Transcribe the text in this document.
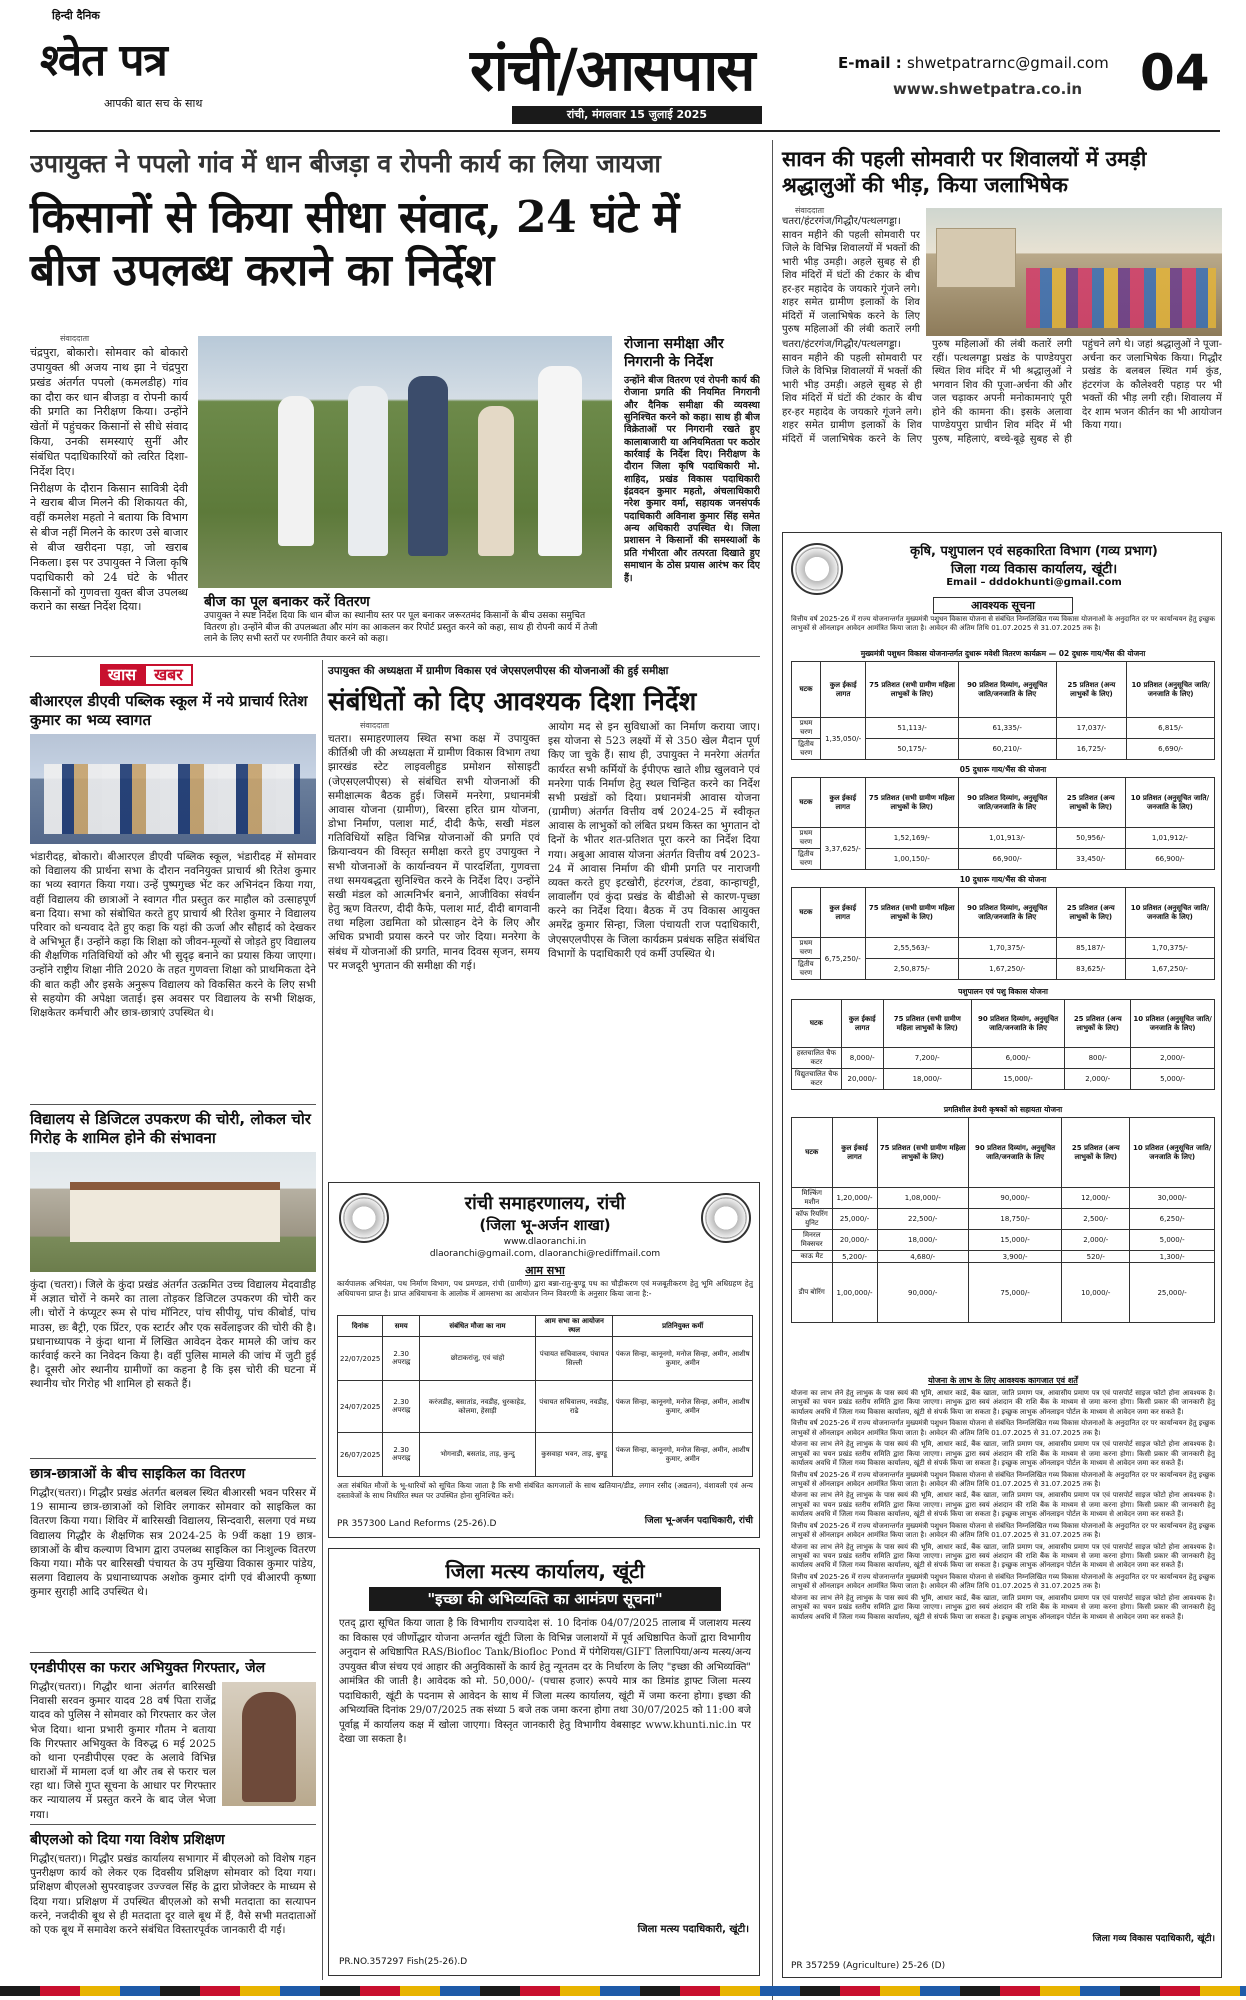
हिन्दी दैनिक
श्वेत पत्र
आपकी बात सच के साथ	रांची/आसपास
रांची, मंगलवार 15 जुलाई 2025
E-mail : shwetpatrarnc@gmail.com
www.shwetpatra.co.in 04
उपायुक्त ने पपलो गांव में धान बीजड़ा व रोपनी कार्य का लिया जायजा
किसानों से किया सीधा संवाद, 24 घंटे में बीज उपलब्ध कराने का निर्देश
संवाददाता

चंद्रपुरा, बोकारो। सोमवार को बोकारो उपायुक्त श्री अजय नाथ झा ने चंद्रपुरा प्रखंड अंतर्गत पपलो (कमलडीह) गांव का दौरा कर धान बीजड़ा व रोपनी कार्य की प्रगति का निरीक्षण किया। उन्होंने खेतों में पहुंचकर किसानों से सीधे संवाद किया, उनकी समस्याएं सुनीं और संबंधित पदाधिकारियों को त्वरित दिशा-निर्देश दिए।

निरीक्षण के दौरान किसान सावित्री देवी ने खराब बीज मिलने की शिकायत की, वहीं कमलेश महतो ने बताया कि विभाग से बीज नहीं मिलने के कारण उसे बाजार से बीज खरीदना पड़ा, जो खराब निकला। इस पर उपायुक्त ने जिला कृषि पदाधिकारी को 24 घंटे के भीतर किसानों को गुणवत्ता युक्त बीज उपलब्ध कराने का सख्त निर्देश दिया।	बीज का पूल बनाकर करें वितरण
उपायुक्त ने स्पष्ट निर्देश दिया कि धान बीज का स्थानीय स्तर पर पूल बनाकर जरूरतमंद किसानों के बीच उसका समुचित वितरण हो। उन्होंने बीज की उपलब्धता और मांग का आकलन कर रिपोर्ट प्रस्तुत करने को कहा, साथ ही रोपनी कार्य में तेजी लाने के लिए सभी स्तरों पर रणनीति तैयार करने को कहा।
रोजाना समीक्षा और निगरानी के निर्देश
उन्होंने बीज वितरण एवं रोपनी कार्य की रोजाना प्रगति की नियमित निगरानी और दैनिक समीक्षा की व्यवस्था सुनिश्चित करने को कहा। साथ ही बीज विक्रेताओं पर निगरानी रखते हुए कालाबाजारी या अनियमितता पर कठोर कार्रवाई के निर्देश दिए। निरीक्षण के दौरान जिला कृषि पदाधिकारी मो. शाहिद, प्रखंड विकास पदाधिकारी इंद्रवदन कुमार महतो, अंचलाधिकारी नरेश कुमार वर्मा, सहायक जनसंपर्क पदाधिकारी अविनाश कुमार सिंह समेत अन्य अधिकारी उपस्थित थे। जिला प्रशासन ने किसानों की समस्याओं के प्रति गंभीरता और तत्परता दिखाते हुए समाधान के ठोस प्रयास आरंभ कर दिए हैं।
सावन की पहली सोमवारी पर शिवालयों में उमड़ी श्रद्धालुओं की भीड़, किया जलाभिषेक
संवाददाता
चतरा/हंटरगंज/गिद्धौर/पत्थलगड्डा। सावन महीने की पहली सोमवारी पर जिले के विभिन्न शिवालयों में भक्तों की भारी भीड़ उमड़ी। अहले सुबह से ही शिव मंदिरों में घंटों की टंकार के बीच हर-हर महादेव के जयकारे गूंजने लगे। शहर समेत ग्रामीण इलाकों के शिव मंदिरों में जलाभिषेक करने के लिए पुरुष महिलाओं की लंबी कतारें लगी
चतरा/हंटरगंज/गिद्धौर/पत्थलगड्डा। सावन महीने की पहली सोमवारी पर जिले के विभिन्न शिवालयों में भक्तों की भारी भीड़ उमड़ी। अहले सुबह से ही शिव मंदिरों में घंटों की टंकार के बीच हर-हर महादेव के जयकारे गूंजने लगे। शहर समेत ग्रामीण इलाकों के शिव मंदिरों में जलाभिषेक करने के लिए पुरुष महिलाओं की लंबी कतारें लगी रहीं। पत्थलगड्डा प्रखंड के पाण्डेयपुरा स्थित शिव मंदिर में भी श्रद्धालुओं ने भगवान शिव की पूजा-अर्चना की और जल चढ़ाकर अपनी मनोकामनाएं पूरी होने की कामना की। इसके अलावा पाण्डेयपुरा प्राचीन शिव मंदिर में भी पुरुष, महिलाएं, बच्चे-बूढ़े सुबह से ही पहुंचने लगे थे। जहां श्रद्धालुओं ने पूजा-अर्चना कर जलाभिषेक किया। गिद्धौर प्रखंड के बलबल स्थित गर्म कुंड, हंटरगंज के कौलेश्वरी पहाड़ पर भी भक्तों की भीड़ लगी रही। शिवालय में देर शाम भजन कीर्तन का भी आयोजन किया गया।
कृषि, पशुपालन एवं सहकारिता विभाग (गव्य प्रभाग)
जिला गव्य विकास कार्यालय, खूंटी।
Email – dddokhunti@gmail.com
आवश्यक सूचना
वित्तीय वर्ष 2025-26 में राज्य योजनान्तर्गत मुख्यमंत्री पशुधन विकास योजना से संबंधित निम्नलिखित गव्य विकास योजनाओं के अनुदानित दर पर कार्यान्वयन हेतु इच्छुक लाभुकों से ऑनलाइन आवेदन आमंत्रित किया जाता है। आवेदन की अंतिम तिथि 01.07.2025 से 31.07.2025 तक है।
मुख्यमंत्री पशुधन विकास योजनान्तर्गत दुधारू मवेशी वितरण कार्यक्रम — 02 दुधारू गाय/भैंस की योजना
घटक	कुल ईकाई लागत	75 प्रतिशत (सभी ग्रामीण महिला लाभुकों के लिए)	90 प्रतिशत दिव्यांग, अनुसूचित जाति/जनजाति के लिए	25 प्रतिशत (अन्य लाभुकों के लिए)	10 प्रतिशत (अनुसूचित जाति/जनजाति के लिए)
प्रथम चरण	1,35,050/-	51,113/-	61,335/-	17,037/-	6,815/-
द्वितीय चरण		50,175/-	60,210/-	16,725/-	6,690/-
05 दुधारू गाय/भैंस की योजना
घटक	कुल ईकाई लागत	75 प्रतिशत (सभी ग्रामीण महिला लाभुकों के लिए)	90 प्रतिशत दिव्यांग, अनुसूचित जाति/जनजाति के लिए	25 प्रतिशत (अन्य लाभुकों के लिए)	10 प्रतिशत (अनुसूचित जाति/जनजाति के लिए)
प्रथम चरण	3,37,625/-	1,52,169/-	1,01,913/-	50,956/-	1,01,912/-
द्वितीय चरण		1,00,150/-	66,900/-	33,450/-	66,900/-
10 दुधारू गाय/भैंस की योजना
घटक	कुल ईकाई लागत	75 प्रतिशत (सभी ग्रामीण महिला लाभुकों के लिए)	90 प्रतिशत दिव्यांग, अनुसूचित जाति/जनजाति के लिए	25 प्रतिशत (अन्य लाभुकों के लिए)	10 प्रतिशत (अनुसूचित जाति/जनजाति के लिए)
प्रथम चरण	6,75,250/-	2,55,563/-	1,70,375/-	85,187/-	1,70,375/-
द्वितीय चरण		2,50,875/-	1,67,250/-	83,625/-	1,67,250/-
पशुपालन एवं पशु विकास योजना
घटक	कुल ईकाई लागत	75 प्रतिशत (सभी ग्रामीण महिला लाभुकों के लिए)	90 प्रतिशत दिव्यांग, अनुसूचित जाति/जनजाति के लिए	25 प्रतिशत (अन्य लाभुकों के लिए)	10 प्रतिशत (अनुसूचित जाति/जनजाति के लिए)
हस्तचालित चैफ कटर	8,000/-	7,200/-	6,000/-	800/-	2,000/-
विद्युतचालित चैफ कटर	20,000/-	18,000/-	15,000/-	2,000/-	5,000/-
प्रगतिशील डेयरी कृषकों को सहायता योजना
घटक	कुल ईकाई लागत	75 प्रतिशत (सभी ग्रामीण महिला लाभुकों के लिए)	90 प्रतिशत दिव्यांग, अनुसूचित जाति/जनजाति के लिए	25 प्रतिशत (अन्य लाभुकों के लिए)	10 प्रतिशत (अनुसूचित जाति/जनजाति के लिए)
मिल्किंग मशीन	1,20,000/-	1,08,000/-	90,000/-	12,000/-	30,000/-
कॉफ रियरिंग युनिट	25,000/-	22,500/-	18,750/-	2,500/-	6,250/-
मिनरल मिक्सचर	20,000/-	18,000/-	15,000/-	2,000/-	5,000/-
काऊ मैट	5,200/-	4,680/-	3,900/-	520/-	1,300/-
डीप बोरिंग	1,00,000/-	90,000/-	75,000/-	10,000/-	25,000/-
योजना के लाभ के लिए आवश्यक कागजात एवं शर्तें

योजना का लाभ लेने हेतु लाभुक के पास स्वयं की भूमि, आधार कार्ड, बैंक खाता, जाति प्रमाण पत्र, आवासीय प्रमाण पत्र एवं पासपोर्ट साइज फोटो होना आवश्यक है। लाभुकों का चयन प्रखंड स्तरीय समिति द्वारा किया जाएगा। लाभुक द्वारा स्वयं अंशदान की राशि बैंक के माध्यम से जमा करना होगा। किसी प्रकार की जानकारी हेतु कार्यालय अवधि में जिला गव्य विकास कार्यालय, खूंटी से संपर्क किया जा सकता है। इच्छुक लाभुक ऑनलाइन पोर्टल के माध्यम से आवेदन जमा कर सकते हैं।

वित्तीय वर्ष 2025-26 में राज्य योजनान्तर्गत मुख्यमंत्री पशुधन विकास योजना से संबंधित निम्नलिखित गव्य विकास योजनाओं के अनुदानित दर पर कार्यान्वयन हेतु इच्छुक लाभुकों से ऑनलाइन आवेदन आमंत्रित किया जाता है। आवेदन की अंतिम तिथि 01.07.2025 से 31.07.2025 तक है।

योजना का लाभ लेने हेतु लाभुक के पास स्वयं की भूमि, आधार कार्ड, बैंक खाता, जाति प्रमाण पत्र, आवासीय प्रमाण पत्र एवं पासपोर्ट साइज फोटो होना आवश्यक है। लाभुकों का चयन प्रखंड स्तरीय समिति द्वारा किया जाएगा। लाभुक द्वारा स्वयं अंशदान की राशि बैंक के माध्यम से जमा करना होगा। किसी प्रकार की जानकारी हेतु कार्यालय अवधि में जिला गव्य विकास कार्यालय, खूंटी से संपर्क किया जा सकता है। इच्छुक लाभुक ऑनलाइन पोर्टल के माध्यम से आवेदन जमा कर सकते हैं।

वित्तीय वर्ष 2025-26 में राज्य योजनान्तर्गत मुख्यमंत्री पशुधन विकास योजना से संबंधित निम्नलिखित गव्य विकास योजनाओं के अनुदानित दर पर कार्यान्वयन हेतु इच्छुक लाभुकों से ऑनलाइन आवेदन आमंत्रित किया जाता है। आवेदन की अंतिम तिथि 01.07.2025 से 31.07.2025 तक है।

योजना का लाभ लेने हेतु लाभुक के पास स्वयं की भूमि, आधार कार्ड, बैंक खाता, जाति प्रमाण पत्र, आवासीय प्रमाण पत्र एवं पासपोर्ट साइज फोटो होना आवश्यक है। लाभुकों का चयन प्रखंड स्तरीय समिति द्वारा किया जाएगा। लाभुक द्वारा स्वयं अंशदान की राशि बैंक के माध्यम से जमा करना होगा। किसी प्रकार की जानकारी हेतु कार्यालय अवधि में जिला गव्य विकास कार्यालय, खूंटी से संपर्क किया जा सकता है। इच्छुक लाभुक ऑनलाइन पोर्टल के माध्यम से आवेदन जमा कर सकते हैं।

वित्तीय वर्ष 2025-26 में राज्य योजनान्तर्गत मुख्यमंत्री पशुधन विकास योजना से संबंधित निम्नलिखित गव्य विकास योजनाओं के अनुदानित दर पर कार्यान्वयन हेतु इच्छुक लाभुकों से ऑनलाइन आवेदन आमंत्रित किया जाता है। आवेदन की अंतिम तिथि 01.07.2025 से 31.07.2025 तक है।

योजना का लाभ लेने हेतु लाभुक के पास स्वयं की भूमि, आधार कार्ड, बैंक खाता, जाति प्रमाण पत्र, आवासीय प्रमाण पत्र एवं पासपोर्ट साइज फोटो होना आवश्यक है। लाभुकों का चयन प्रखंड स्तरीय समिति द्वारा किया जाएगा। लाभुक द्वारा स्वयं अंशदान की राशि बैंक के माध्यम से जमा करना होगा। किसी प्रकार की जानकारी हेतु कार्यालय अवधि में जिला गव्य विकास कार्यालय, खूंटी से संपर्क किया जा सकता है। इच्छुक लाभुक ऑनलाइन पोर्टल के माध्यम से आवेदन जमा कर सकते हैं।

वित्तीय वर्ष 2025-26 में राज्य योजनान्तर्गत मुख्यमंत्री पशुधन विकास योजना से संबंधित निम्नलिखित गव्य विकास योजनाओं के अनुदानित दर पर कार्यान्वयन हेतु इच्छुक लाभुकों से ऑनलाइन आवेदन आमंत्रित किया जाता है। आवेदन की अंतिम तिथि 01.07.2025 से 31.07.2025 तक है।

योजना का लाभ लेने हेतु लाभुक के पास स्वयं की भूमि, आधार कार्ड, बैंक खाता, जाति प्रमाण पत्र, आवासीय प्रमाण पत्र एवं पासपोर्ट साइज फोटो होना आवश्यक है। लाभुकों का चयन प्रखंड स्तरीय समिति द्वारा किया जाएगा। लाभुक द्वारा स्वयं अंशदान की राशि बैंक के माध्यम से जमा करना होगा। किसी प्रकार की जानकारी हेतु कार्यालय अवधि में जिला गव्य विकास कार्यालय, खूंटी से संपर्क किया जा सकता है। इच्छुक लाभुक ऑनलाइन पोर्टल के माध्यम से आवेदन जमा कर सकते हैं।

जिला गव्य विकास पदाधिकारी, खूंटी।
PR 357259 (Agriculture) 25-26 (D)
खास	खबर
बीआरएल डीएवी पब्लिक स्कूल में नये प्राचार्य रितेश कुमार का भव्य स्वागत
भंडारीदह, बोकारो। बीआरएल डीएवी पब्लिक स्कूल, भंडारीदह में सोमवार को विद्यालय की प्रार्थना सभा के दौरान नवनियुक्त प्राचार्य श्री रितेश कुमार का भव्य स्वागत किया गया। उन्हें पुष्पगुच्छ भेंट कर अभिनंदन किया गया, वहीं विद्यालय की छात्राओं ने स्वागत गीत प्रस्तुत कर माहौल को उत्साहपूर्ण बना दिया। सभा को संबोधित करते हुए प्राचार्य श्री रितेश कुमार ने विद्यालय परिवार को धन्यवाद देते हुए कहा कि यहां की ऊर्जा और सौहार्द को देखकर वे अभिभूत हैं। उन्होंने कहा कि शिक्षा को जीवन-मूल्यों से जोड़ते हुए विद्यालय की शैक्षणिक गतिविधियों को और भी सुदृढ़ बनाने का प्रयास किया जाएगा। उन्होंने राष्ट्रीय शिक्षा नीति 2020 के तहत गुणवत्ता शिक्षा को प्राथमिकता देने की बात कही और इसके अनुरूप विद्यालय को विकसित करने के लिए सभी से सहयोग की अपेक्षा जताई। इस अवसर पर विद्यालय के सभी शिक्षक, शिक्षकेतर कर्मचारी और छात्र-छात्राएं उपस्थित थे।
विद्यालय से डिजिटल उपकरण की चोरी, लोकल चोर गिरोह के शामिल होने की संभावना
कुंदा (चतरा)। जिले के कुंदा प्रखंड अंतर्गत उत्क्रमित उच्च विद्यालय मेदवाडीह में अज्ञात चोरों ने कमरे का ताला तोड़कर डिजिटल उपकरण की चोरी कर ली। चोरों ने कंप्यूटर रूम से पांच मॉनिटर, पांच सीपीयू, पांच कीबोर्ड, पांच माउस, छः बैट्री, एक प्रिंटर, एक स्टार्टर और एक सर्वेलाइजर की चोरी की है। प्रधानाध्यापक ने कुंदा थाना में लिखित आवेदन देकर मामले की जांच कर कार्रवाई करने का निवेदन किया है। वहीं पुलिस मामले की जांच में जुटी हुई है। दूसरी ओर स्थानीय ग्रामीणों का कहना है कि इस चोरी की घटना में स्थानीय चोर गिरोह भी शामिल हो सकते हैं।
छात्र-छात्राओं के बीच साइकिल का वितरण
गिद्धौर(चतरा)। गिद्धौर प्रखंड अंतर्गत बलबल स्थित बीआरसी भवन परिसर में 19 सामान्य छात्र-छात्राओं को शिविर लगाकर सोमवार को साइकिल का वितरण किया गया। शिविर में बारिसखी विद्यालय, सिन्दवारी, सलगा एवं मध्य विद्यालय गिद्धौर के शैक्षणिक सत्र 2024-25 के 9वीं कक्षा 19 छात्र-छात्राओं के बीच कल्याण विभाग द्वारा उपलब्ध साइकिल का निःशुल्क वितरण किया गया। मौके पर बारिसखी पंचायत के उप मुखिया विकास कुमार पांडेय, सलगा विद्यालय के प्रधानाध्यापक अशोक कुमार दांगी एवं बीआरपी कृष्णा कुमार सुराही आदि उपस्थित थे।
एनडीपीएस का फरार अभियुक्त गिरफ्तार, जेल
गिद्धौर(चतरा)। गिद्धौर थाना अंतर्गत बारिसखी निवासी सरवन कुमार यादव 28 वर्ष पिता राजेंद्र यादव को पुलिस ने सोमवार को गिरफ्तार कर जेल भेज दिया। थाना प्रभारी कुमार गौतम ने बताया कि गिरफ्तार अभियुक्त के विरुद्ध 6 मई 2025 को थाना एनडीपीएस एक्ट के अलावे विभिन्न धाराओं में मामला दर्ज था और तब से फरार चल रहा था। जिसे गुप्त सूचना के आधार पर गिरफ्तार कर न्यायालय में प्रस्तुत करने के बाद जेल भेजा गया।
बीएलओ को दिया गया विशेष प्रशिक्षण
गिद्धौर(चतरा)। गिद्धौर प्रखंड कार्यालय सभागार में बीएलओ को विशेष गहन पुनरीक्षण कार्य को लेकर एक दिवसीय प्रशिक्षण सोमवार को दिया गया। प्रशिक्षण बीएलओ सुपरवाइजर उज्ज्वल सिंह के द्वारा प्रोजेक्टर के माध्यम से दिया गया। प्रशिक्षण में उपस्थित बीएलओ को सभी मतदाता का सत्यापन करने, नजदीकी बूथ से ही मतदाता दूर वाले बूथ में हैं, वैसे सभी मतदाताओं को एक बूथ में समावेश करने संबंधित विस्तारपूर्वक जानकारी दी गई।
उपायुक्त की अध्यक्षता में ग्रामीण विकास एवं जेएसएलपीएस की योजनाओं की हुई समीक्षा
संबंधितों को दिए आवश्यक दिशा निर्देश
संवाददाता
चतरा। समाहरणालय स्थित सभा कक्ष में उपायुक्त कीर्तिश्री जी की अध्यक्षता में ग्रामीण विकास विभाग तथा झारखंड स्टेट लाइवलीहुड प्रमोशन सोसाइटी (जेएसएलपीएस) से संबंधित सभी योजनाओं की समीक्षात्मक बैठक हुई। जिसमें मनरेगा, प्रधानमंत्री आवास योजना (ग्रामीण), बिरसा हरित ग्राम योजना, डोभा निर्माण, पलाश मार्ट, दीदी कैफे, सखी मंडल गतिविधियों सहित विभिन्न योजनाओं की प्रगति एवं क्रियान्वयन की विस्तृत समीक्षा करते हुए उपायुक्त ने सभी योजनाओं के कार्यान्वयन में पारदर्शिता, गुणवत्ता तथा समयबद्धता सुनिश्चित करने के निर्देश दिए। उन्होंने सखी मंडल को आत्मनिर्भर बनाने, आजीविका संवर्धन हेतु ऋण वितरण, दीदी कैफे, पलाश मार्ट, दीदी बागवानी तथा महिला उद्यमिता को प्रोत्साहन देने के लिए और अधिक प्रभावी प्रयास करने पर जोर दिया। मनरेगा के संबंध में योजनाओं की प्रगति, मानव दिवस सृजन, समय पर मजदूरी भुगतान की समीक्षा की गई।
आयोग मद से इन सुविधाओं का निर्माण कराया जाए। इस योजना से 523 लक्ष्यों में से 350 खेल मैदान पूर्ण किए जा चुके हैं। साथ ही, उपायुक्त ने मनरेगा अंतर्गत कार्यरत सभी कर्मियों के ईपीएफ खाते शीघ्र खुलवाने एवं मनरेगा पार्क निर्माण हेतु स्थल चिन्हित करने का निर्देश सभी प्रखंडों को दिया। प्रधानमंत्री आवास योजना (ग्रामीण) अंतर्गत वित्तीय वर्ष 2024-25 में स्वीकृत आवास के लाभुकों को लंबित प्रथम किस्त का भुगतान दो दिनों के भीतर शत-प्रतिशत पूरा करने का निर्देश दिया गया। अबुआ आवास योजना अंतर्गत वित्तीय वर्ष 2023-24 में आवास निर्माण की धीमी प्रगति पर नाराजगी व्यक्त करते हुए इटखोरी, हंटरगंज, टंडवा, कान्हाचट्टी, लावालौंग एवं कुंदा प्रखंड के बीडीओ से कारण-पृच्छा करने का निर्देश दिया। बैठक में उप विकास आयुक्त अमरेंद्र कुमार सिन्हा, जिला पंचायती राज पदाधिकारी, जेएसएलपीएस के जिला कार्यक्रम प्रबंधक सहित संबंधित विभागों के पदाधिकारी एवं कर्मी उपस्थित थे।
रांची समाहरणालय, रांची
(जिला भू-अर्जन शाखा)
www.dlaoranchi.in
dlaoranchi@gmail.com, dlaoranchi@rediffmail.com
आम सभा
कार्यपालक अभियंता, पथ निर्माण विभाग, पथ प्रमण्डल, रांची (ग्रामीण) द्वारा बन्ना-रातु-बुण्डू पथ का चौड़ीकरण एवं मजबूतीकरण हेतु भूमि अधिग्रहण हेतु अधियाचना प्राप्त है। प्राप्त अधियाचना के आलोक में आमसभा का आयोजन निम्न विवरणी के अनुसार किया जाना है:-
दिनांक	समय	संबंधित मौजा का नाम	आम सभा का आयोजन स्थल	प्रतिनियुक्त कर्मी
22/07/2025	2.30 अपराह्न	छोटाकरांजु, एवं चांहो	पंचायत सचिवालय, पंचायत सिल्ली	पंकज सिन्हा, कानूनगो, मनोज सिन्हा, अमीन, आशीष कुमार, अमीन
24/07/2025	2.30 अपराह्न	करंजडीह, बसातांड, नवडीह, धुरकाहेड, कोलमा, हेसाड़ी	पंचायत सचिवालय, नवडीह, राढे	पंकज सिन्हा, कानूनगो, मनोज सिन्हा, अमीन, आशीष कुमार, अमीन
26/07/2025	2.30 अपराह्न	भोगनाडी, बसतांड, ताड़, कुन्दु	कुसवाहा भवन, ताड़, बुण्डू	पंकज सिन्हा, कानूनगो, मनोज सिन्हा, अमीन, आशीष कुमार, अमीन
अतः संबंधित मौजों के भू-धारियों को सूचित किया जाता है कि सभी संबंधित कागजातों के साथ खतियान/डीड, लगान रसीद (अद्यतन), वंशावली एवं अन्य दस्तावेजों के साथ निर्धारित स्थल पर उपस्थित होना सुनिश्चित करें।
PR 357300 Land Reforms (25-26).D	जिला भू-अर्जन पदाधिकारी, रांची
जिला मत्स्य कार्यालय, खूंटी
"इच्छा की अभिव्यक्ति का आमंत्रण सूचना"
एतद् द्वारा सूचित किया जाता है कि विभागीय राज्यादेश सं. 10 दिनांक 04/07/2025 तालाब में जलाशय मत्स्य का विकास एवं जीर्णोद्धार योजना अन्तर्गत खूंटी जिला के विभिन्न जलाशयों में पूर्व अधिष्ठापित केजों द्वारा विभागीय अनुदान से अधिष्ठापित RAS/Biofloc Tank/Biofloc Pond में पंगेशियस/GIFT तिलापिया/अन्य मत्स्य/अन्य उपयुक्त बीज संचय एवं आहार की अनुविकासों के कार्य हेतु न्यूनतम दर के निर्धारण के लिए "इच्छा की अभिव्यक्ति" आमंत्रित की जाती है। आवेदक को मो. 50,000/- (पचास हजार) रूपये मात्र का डिमांड ड्राफ्ट जिला मत्स्य पदाधिकारी, खूंटी के पदनाम से आवेदन के साथ में जिला मत्स्य कार्यालय, खूंटी में जमा करना होगा। इच्छा की अभिव्यक्ति दिनांक 29/07/2025 तक संध्या 5 बजे तक जमा करना होगा तथा 30/07/2025 को 11:00 बजे पूर्वाह्न में कार्यालय कक्ष में खोला जाएगा। विस्तृत जानकारी हेतु विभागीय वेबसाइट www.khunti.nic.in पर देखा जा सकता है।
जिला मत्स्य पदाधिकारी, खूंटी।
PR.NO.357297 Fish(25-26).D
